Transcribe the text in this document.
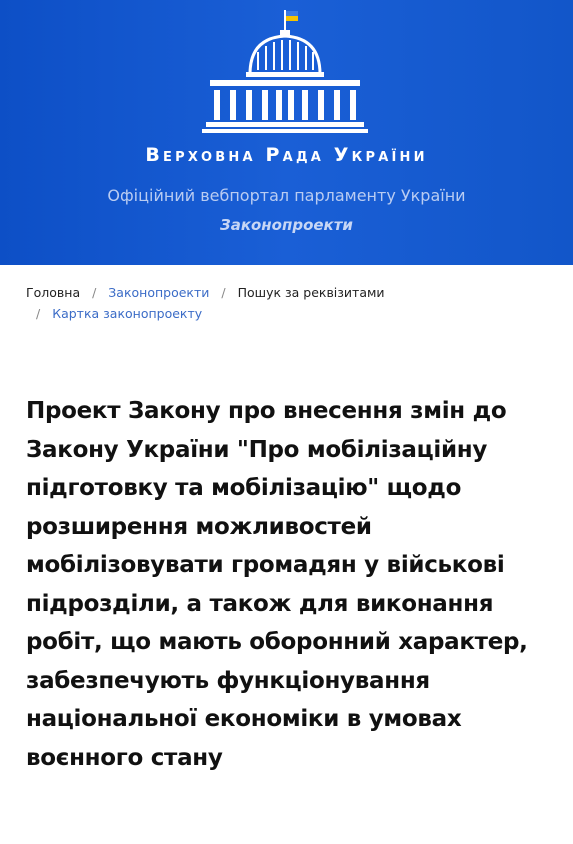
Верховна Рада України
Офіційний вебпортал парламенту України
Законопроекти
Головна / Законопроекти / Пошук за реквізитами
/ Картка законопроекту
Проект Закону про внесення змін до Закону України "Про мобілізаційну підготовку та мобілізацію" щодо розширення можливостей мобілізовувати громадян у військові підрозділи, а також для виконання робіт, що мають оборонний характер, забезпечують функціонування національної економіки в умовах воєнного стану
